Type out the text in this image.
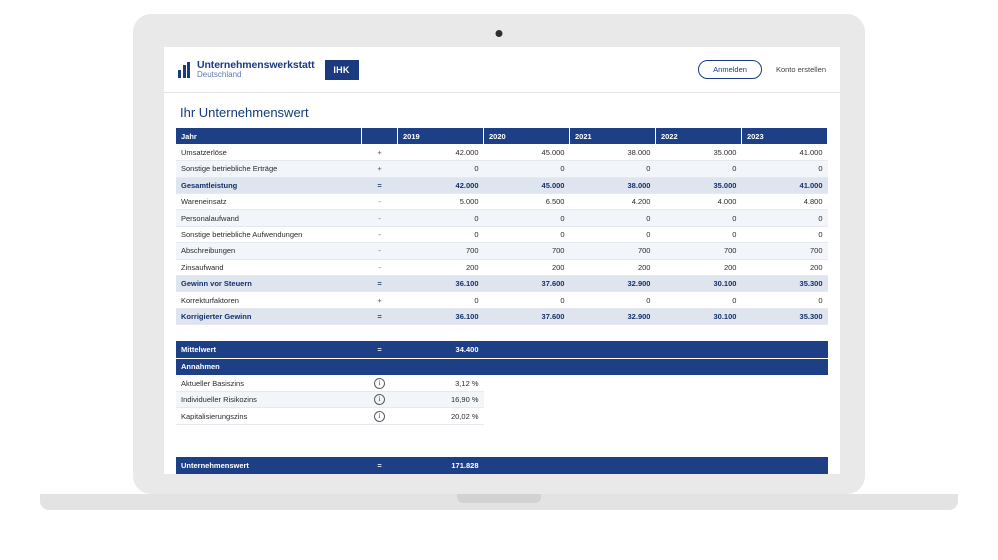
Unternehmenswerkstatt
Deutschland	IHK	Anmelden	Konto erstellen
Ihr Unternehmenswert
Jahr		2019	2020	2021	2022	2023
Umsatzerlöse	+	42.000	45.000	38.000	35.000	41.000
Sonstige betriebliche Erträge	+	0	0	0	0	0
Gesamtleistung	=	42.000	45.000	38.000	35.000	41.000
Wareneinsatz	-	5.000	6.500	4.200	4.000	4.800
Personalaufwand	-	0	0	0	0	0
Sonstige betriebliche Aufwendungen	-	0	0	0	0	0
Abschreibungen	-	700	700	700	700	700
Zinsaufwand	-	200	200	200	200	200
Gewinn vor Steuern	=	36.100	37.600	32.900	30.100	35.300
Korrekturfaktoren	+	0	0	0	0	0
Korrigierter Gewinn	=	36.100	37.600	32.900	30.100	35.300

Mittelwert	=	34.400				
Annahmen						
Aktueller Basiszins	i	3,12 %				
Individueller Risikozins	i	16,90 %				
Kapitalisierungszins	i	20,02 %				

Unternehmenswert	=	171.828				
